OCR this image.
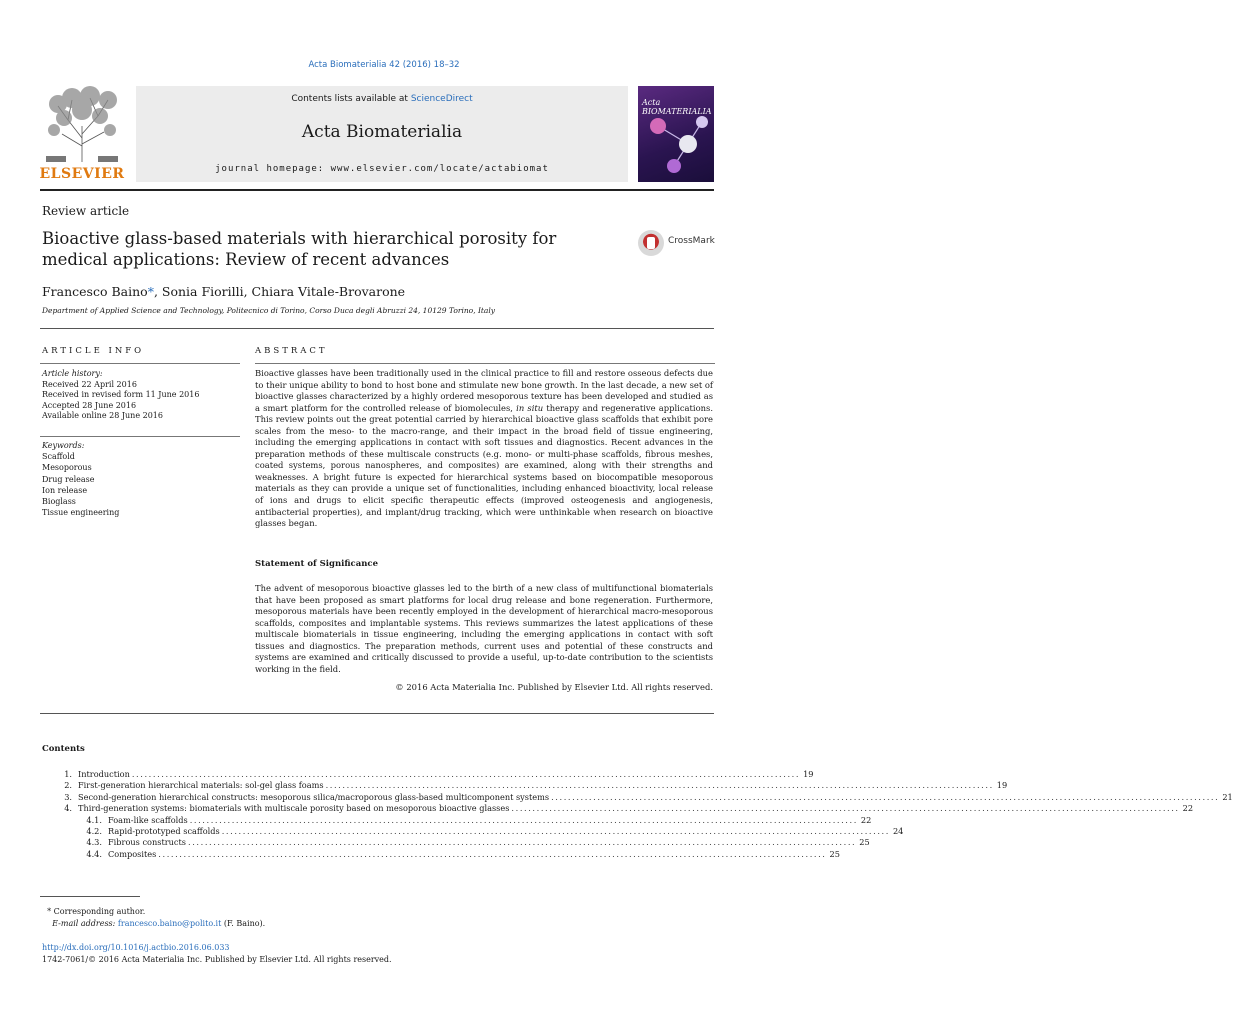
Acta Biomaterialia 42 (2016) 18–32
ELSEVIER
Contents lists available at ScienceDirect
Acta Biomaterialia
journal homepage: www.elsevier.com/locate/actabiomat
Acta BIOMATERIALIA
Review article
Bioactive glass-based materials with hierarchical porosity for medical applications: Review of recent advances
CrossMark
Francesco Baino*, Sonia Fiorilli, Chiara Vitale-Brovarone
Department of Applied Science and Technology, Politecnico di Torino, Corso Duca degli Abruzzi 24, 10129 Torino, Italy
ARTICLE INFO
Article history:
Received 22 April 2016
Received in revised form 11 June 2016
Accepted 28 June 2016
Available online 28 June 2016
Keywords:
Scaffold
Mesoporous
Drug release
Ion release
Bioglass
Tissue engineering
ABSTRACT
Bioactive glasses have been traditionally used in the clinical practice to fill and restore osseous defects due to their unique ability to bond to host bone and stimulate new bone growth. In the last decade, a new set of bioactive glasses characterized by a highly ordered mesoporous texture has been developed and studied as a smart platform for the controlled release of biomolecules, in situ therapy and regenerative applications. This review points out the great potential carried by hierarchical bioactive glass scaffolds that exhibit pore scales from the meso- to the macro-range, and their impact in the broad field of tissue engineering, including the emerging applications in contact with soft tissues and diagnostics. Recent advances in the preparation methods of these multiscale constructs (e.g. mono- or multi-phase scaffolds, fibrous meshes, coated systems, porous nanospheres, and composites) are examined, along with their strengths and weaknesses. A bright future is expected for hierarchical systems based on biocompatible mesoporous materials as they can provide a unique set of functionalities, including enhanced bioactivity, local release of ions and drugs to elicit specific therapeutic effects (improved osteogenesis and angiogenesis, antibacterial properties), and implant/drug tracking, which were unthinkable when research on bioactive glasses began.
Statement of Significance
The advent of mesoporous bioactive glasses led to the birth of a new class of multifunctional biomaterials that have been proposed as smart platforms for local drug release and bone regeneration. Furthermore, mesoporous materials have been recently employed in the development of hierarchical macro-mesoporous scaffolds, composites and implantable systems. This reviews summarizes the latest applications of these multiscale biomaterials in tissue engineering, including the emerging applications in contact with soft tissues and diagnostics. The preparation methods, current uses and potential of these constructs and systems are examined and critically discussed to provide a useful, up-to-date contribution to the scientists working in the field.
© 2016 Acta Materialia Inc. Published by Elsevier Ltd. All rights reserved.
Contents
1. Introduction ............................................................................................................................................................... 19
2. First-generation hierarchical materials: sol-gel glass foams ............................................................................................................................................................... 19
3. Second-generation hierarchical constructs: mesoporous silica/macroporous glass-based multicomponent systems ............................................................................................................................................................... 21
4. Third-generation systems: biomaterials with multiscale porosity based on mesoporous bioactive glasses ............................................................................................................................................................... 22
4.1. Foam-like scaffolds ............................................................................................................................................................... 22
4.2. Rapid-prototyped scaffolds ............................................................................................................................................................... 24
4.3. Fibrous constructs ............................................................................................................................................................... 25
4.4. Composites ............................................................................................................................................................... 25
* Corresponding author.
E-mail address: francesco.baino@polito.it (F. Baino).
http://dx.doi.org/10.1016/j.actbio.2016.06.033
1742-7061/© 2016 Acta Materialia Inc. Published by Elsevier Ltd. All rights reserved.
